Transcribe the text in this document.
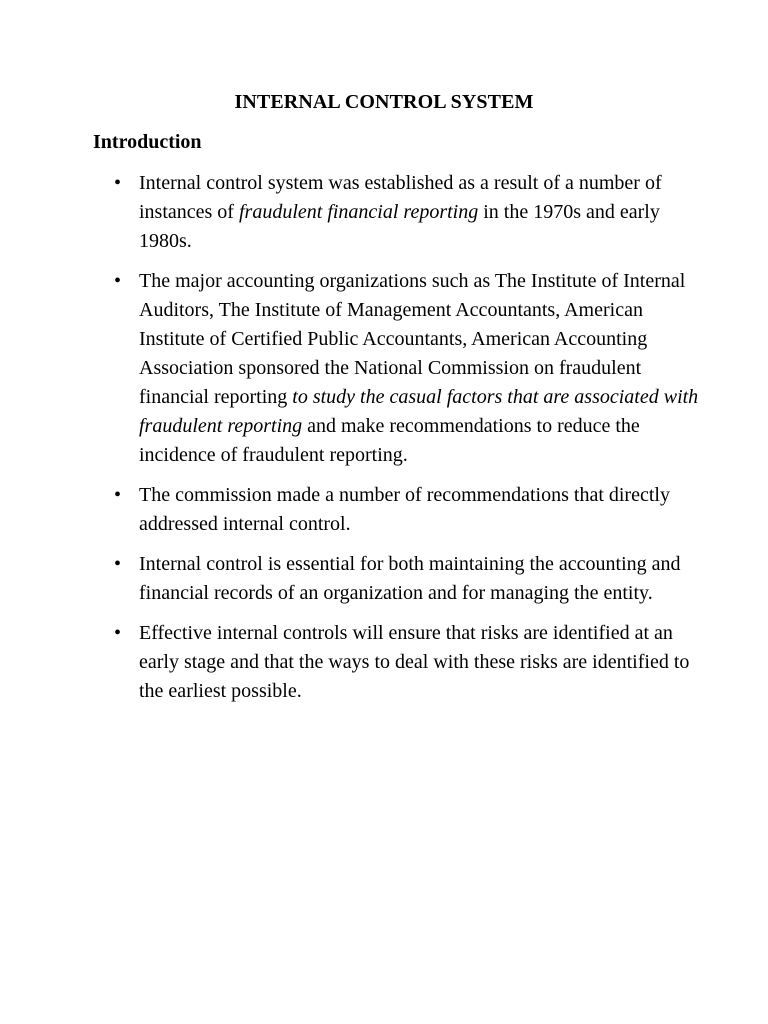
INTERNAL CONTROL SYSTEM
Introduction
• Internal control system was established as a result of a number of instances of fraudulent financial reporting in the 1970s and early 1980s.
• The major accounting organizations such as The Institute of Internal Auditors, The Institute of Management Accountants, American Institute of Certified Public Accountants, American Accounting Association sponsored the National Commission on fraudulent financial reporting to study the casual factors that are associated with fraudulent reporting and make recommendations to reduce the incidence of fraudulent reporting.
• The commission made a number of recommendations that directly addressed internal control.
• Internal control is essential for both maintaining the accounting and financial records of an organization and for managing the entity.
• Effective internal controls will ensure that risks are identified at an early stage and that the ways to deal with these risks are identified to the earliest possible.
